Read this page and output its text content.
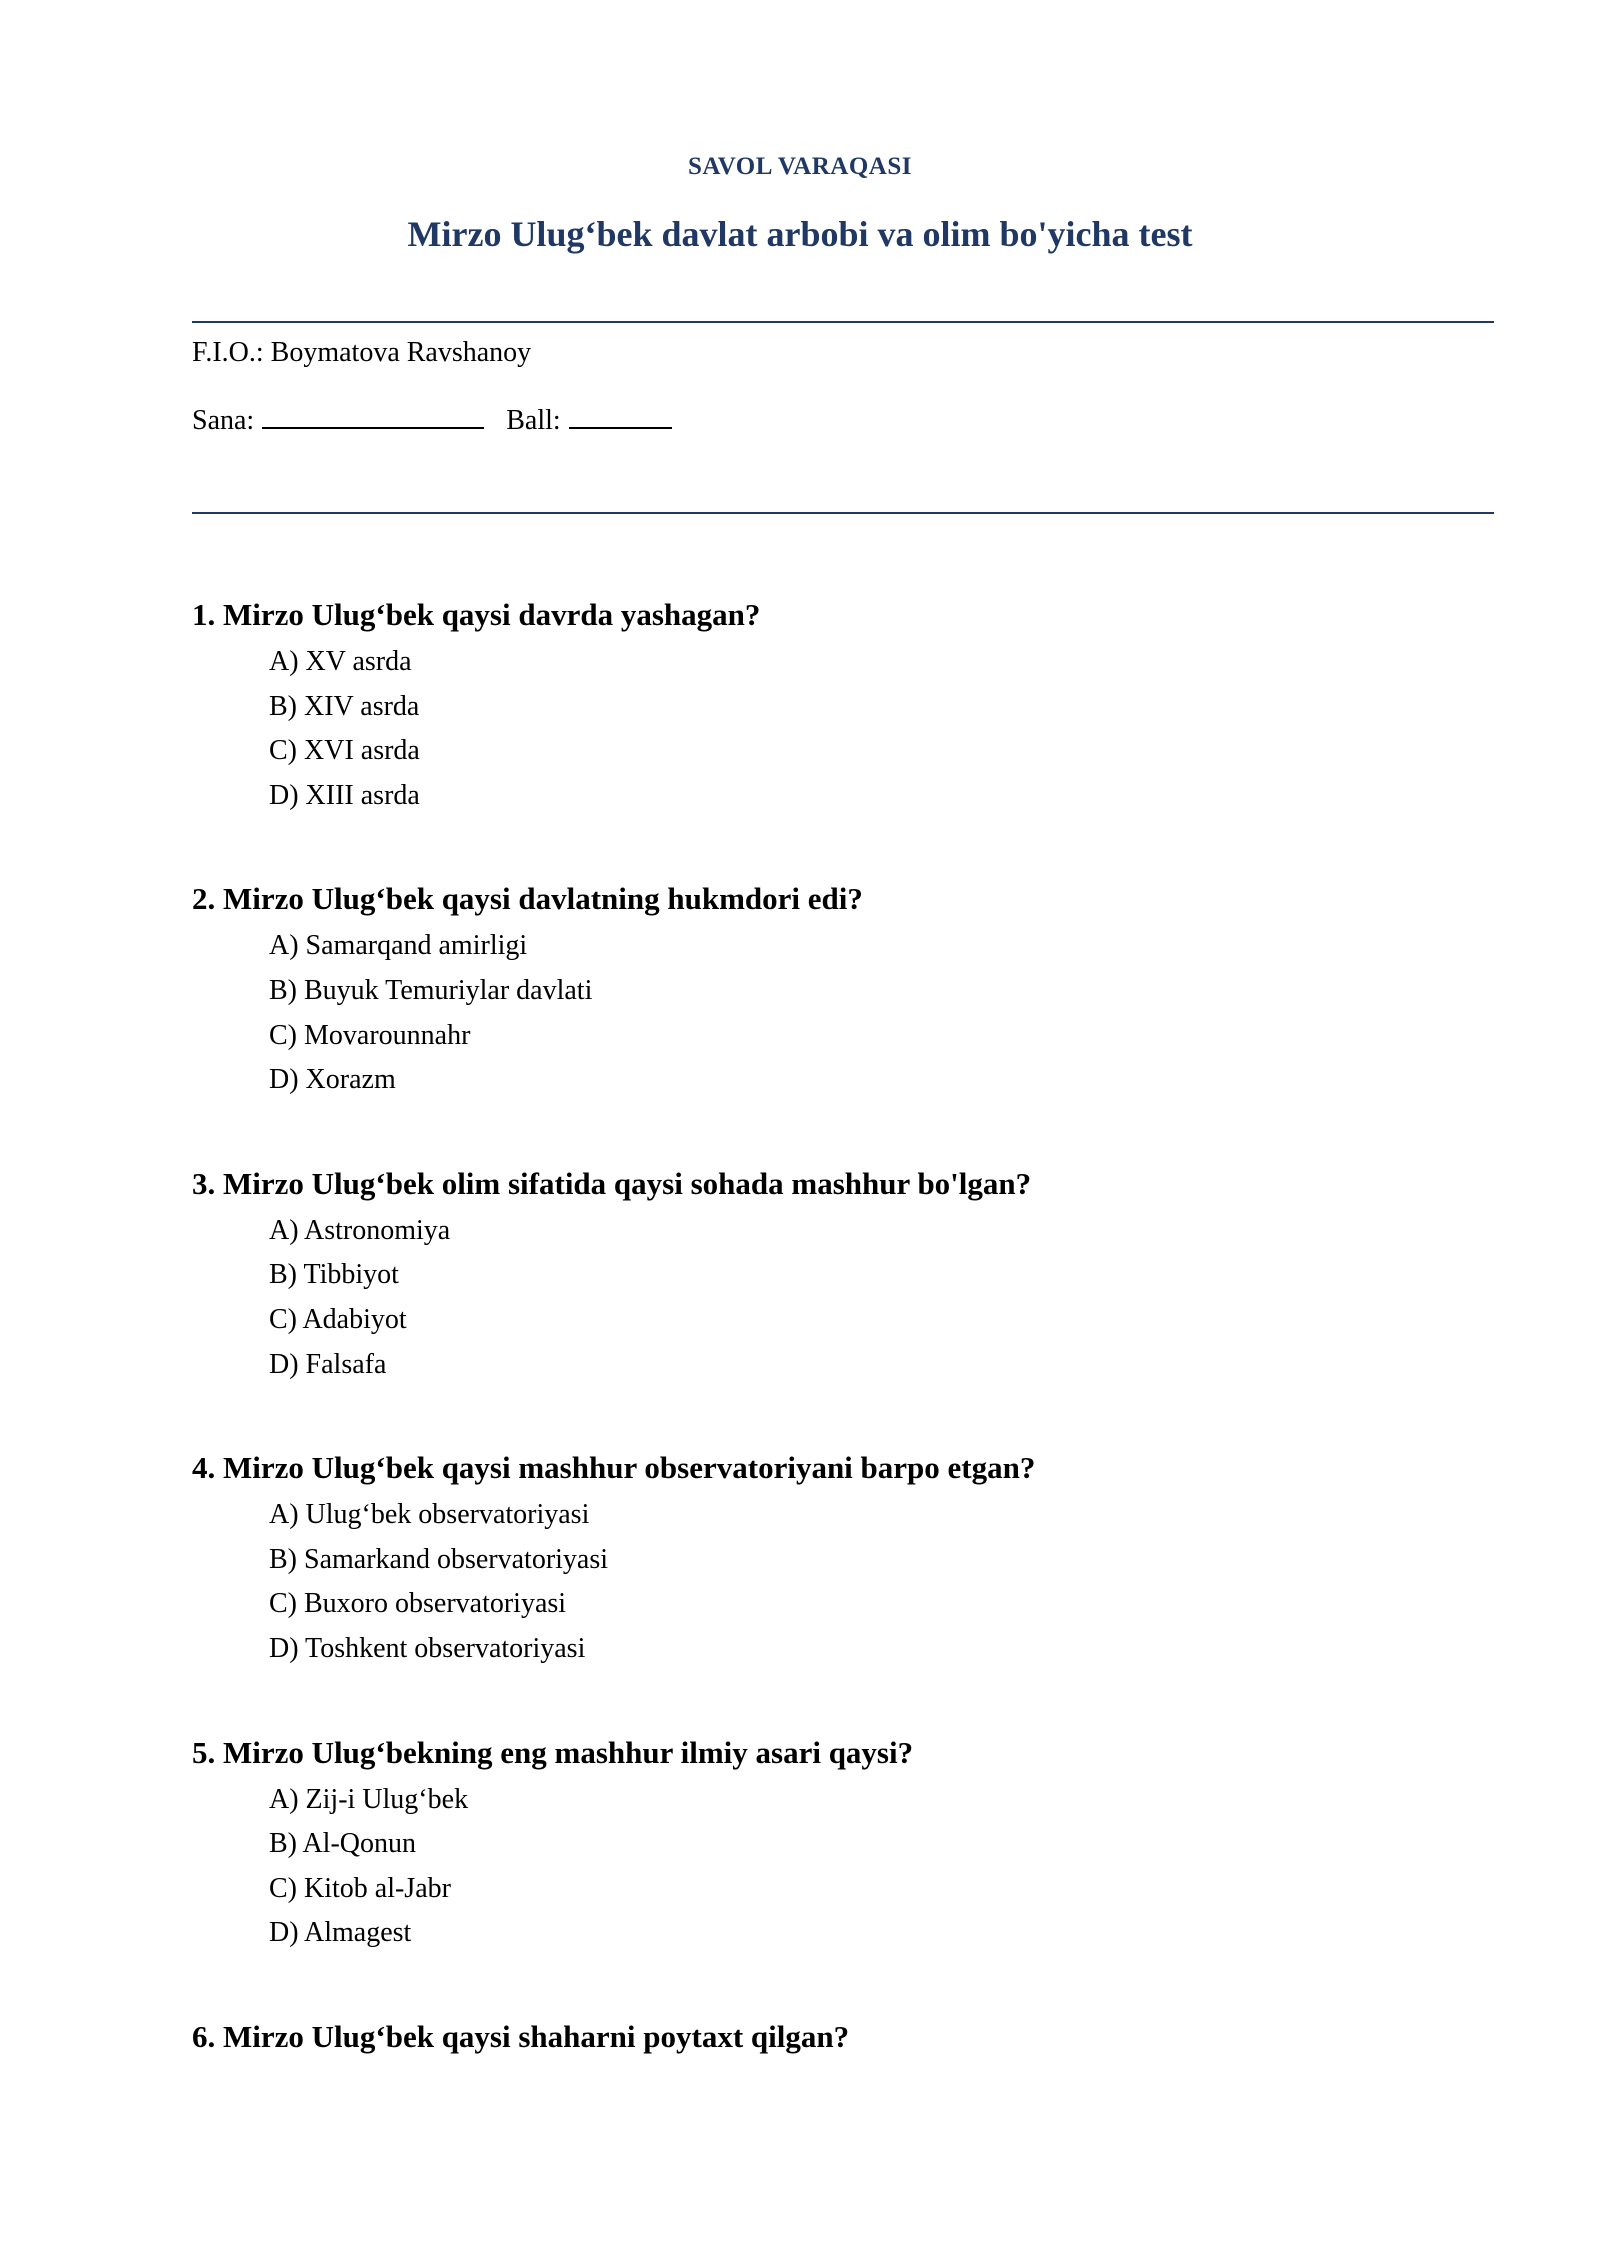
SAVOL VARAQASI
Mirzo Ulug‘bek davlat arbobi va olim bo'yicha test
F.I.O.: Boymatova Ravshanoy
Sana:	Ball:
1. Mirzo Ulug‘bek qaysi davrda yashagan?
A) XV asrda
B) XIV asrda
C) XVI asrda
D) XIII asrda
2. Mirzo Ulug‘bek qaysi davlatning hukmdori edi?
A) Samarqand amirligi
B) Buyuk Temuriylar davlati
C) Movarounnahr
D) Xorazm
3. Mirzo Ulug‘bek olim sifatida qaysi sohada mashhur bo'lgan?
A) Astronomiya
B) Tibbiyot
C) Adabiyot
D) Falsafa
4. Mirzo Ulug‘bek qaysi mashhur observatoriyani barpo etgan?
A) Ulug‘bek observatoriyasi
B) Samarkand observatoriyasi
C) Buxoro observatoriyasi
D) Toshkent observatoriyasi
5. Mirzo Ulug‘bekning eng mashhur ilmiy asari qaysi?
A) Zij-i Ulug‘bek
B) Al-Qonun
C) Kitob al-Jabr
D) Almagest
6. Mirzo Ulug‘bek qaysi shaharni poytaxt qilgan?
